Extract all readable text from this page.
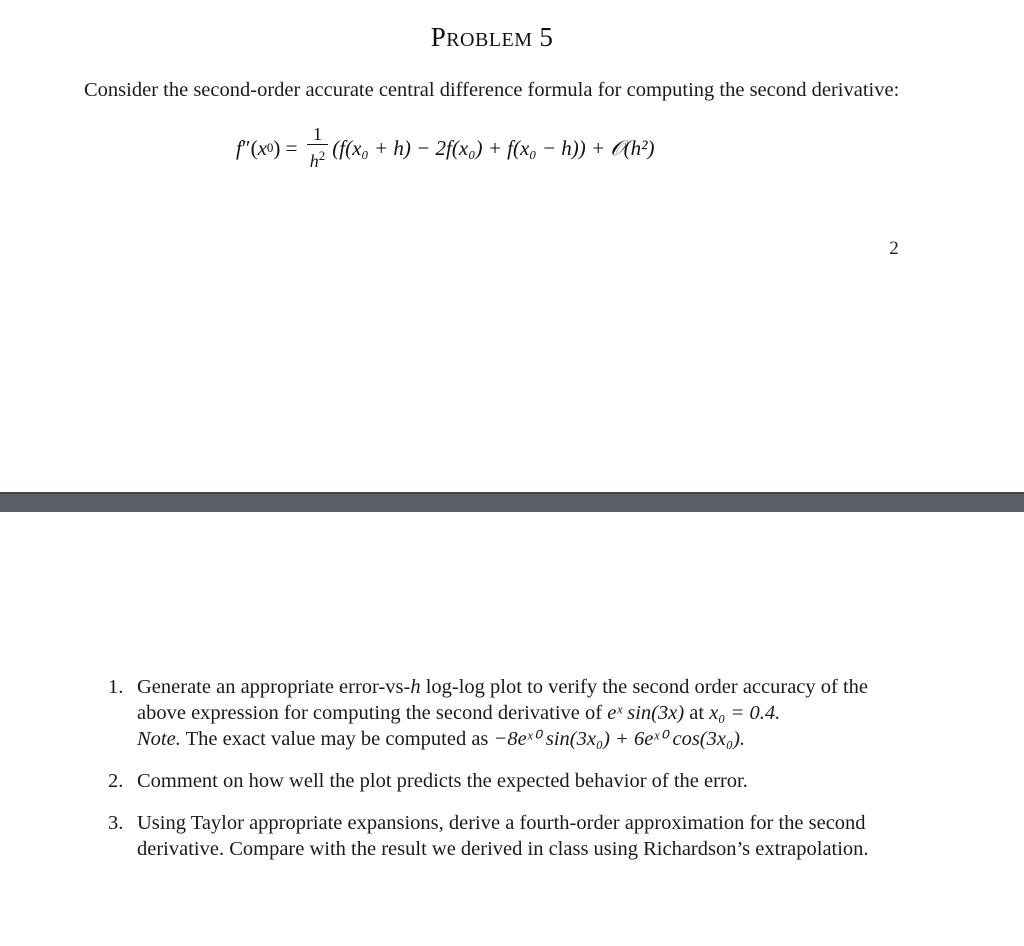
PROBLEM 5
Consider the second-order accurate central difference formula for computing the second derivative:
f ″ ( x 0 ) = $\frac{1}{h^2} (f(x_0 + h) - 2f(x_0) + f(x_0 - h))$ + 𝒪(h²)
2
1. Generate an appropriate error-vs-h log-log plot to verify the second order accuracy of the above expression for computing the second derivative of eˣ sin(3x) at x₀ = 0.4.
Note. The exact value may be computed as −8eˣ⁰ sin(3x₀) + 6eˣ⁰ cos(3x₀).
2. Comment on how well the plot predicts the expected behavior of the error.
3. Using Taylor appropriate expansions, derive a fourth-order approximation for the second derivative. Compare with the result we derived in class using Richardson’s extrapolation.
